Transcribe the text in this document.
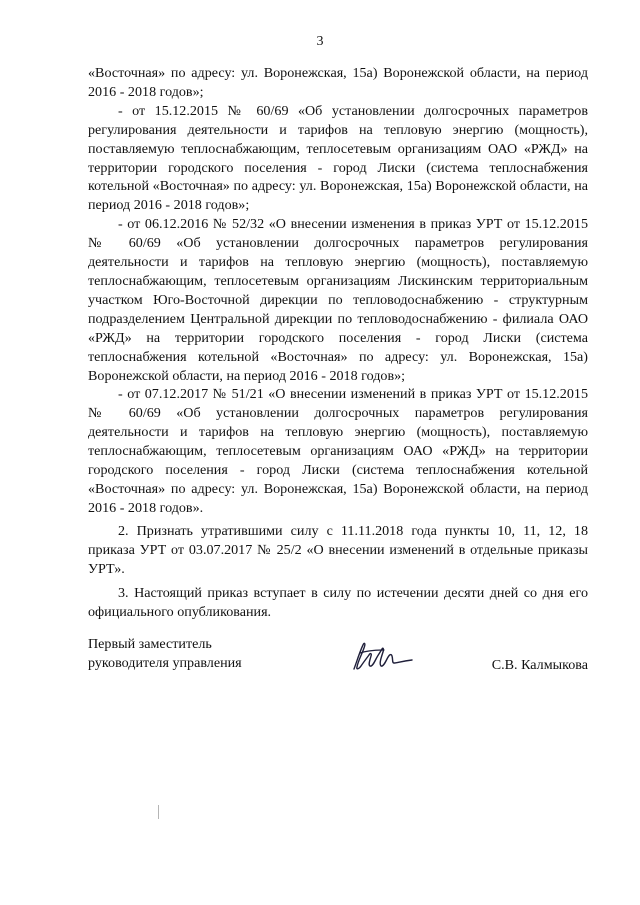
3

«Восточная» по адресу: ул. Воронежская, 15а) Воронежской области, на период 2016 - 2018 годов»;

- от 15.12.2015 № 60/69 «Об установлении долгосрочных параметров регулирования деятельности и тарифов на тепловую энергию (мощность), поставляемую теплоснабжающим, теплосетевым организациям ОАО «РЖД» на территории городского поселения - город Лиски (система теплоснабжения котельной «Восточная» по адресу: ул. Воронежская, 15а) Воронежской области, на период 2016 - 2018 годов»;

- от 06.12.2016 № 52/32 «О внесении изменения в приказ УРТ от 15.12.2015 № 60/69 «Об установлении долгосрочных параметров регулирования деятельности и тарифов на тепловую энергию (мощность), поставляемую теплоснабжающим, теплосетевым организациям Лискинским территориальным участком Юго-Восточной дирекции по тепловодоснабжению - структурным подразделением Центральной дирекции по тепловодоснабжению - филиала ОАО «РЖД» на территории городского поселения - город Лиски (система теплоснабжения котельной «Восточная» по адресу: ул. Воронежская, 15а) Воронежской области, на период 2016 - 2018 годов»;

- от 07.12.2017 № 51/21 «О внесении изменений в приказ УРТ от 15.12.2015 № 60/69 «Об установлении долгосрочных параметров регулирования деятельности и тарифов на тепловую энергию (мощность), поставляемую теплоснабжающим, теплосетевым организациям ОАО «РЖД» на территории городского поселения - город Лиски (система теплоснабжения котельной «Восточная» по адресу: ул. Воронежская, 15а) Воронежской области, на период 2016 - 2018 годов».

2. Признать утратившими силу с 11.11.2018 года пункты 10, 11, 12, 18 приказа УРТ от 03.07.2017 № 25/2 «О внесении изменений в отдельные приказы УРТ».

3. Настоящий приказ вступает в силу по истечении десяти дней со дня его официального опубликования.

Первый заместитель
руководителя управления	С.В. Калмыкова
